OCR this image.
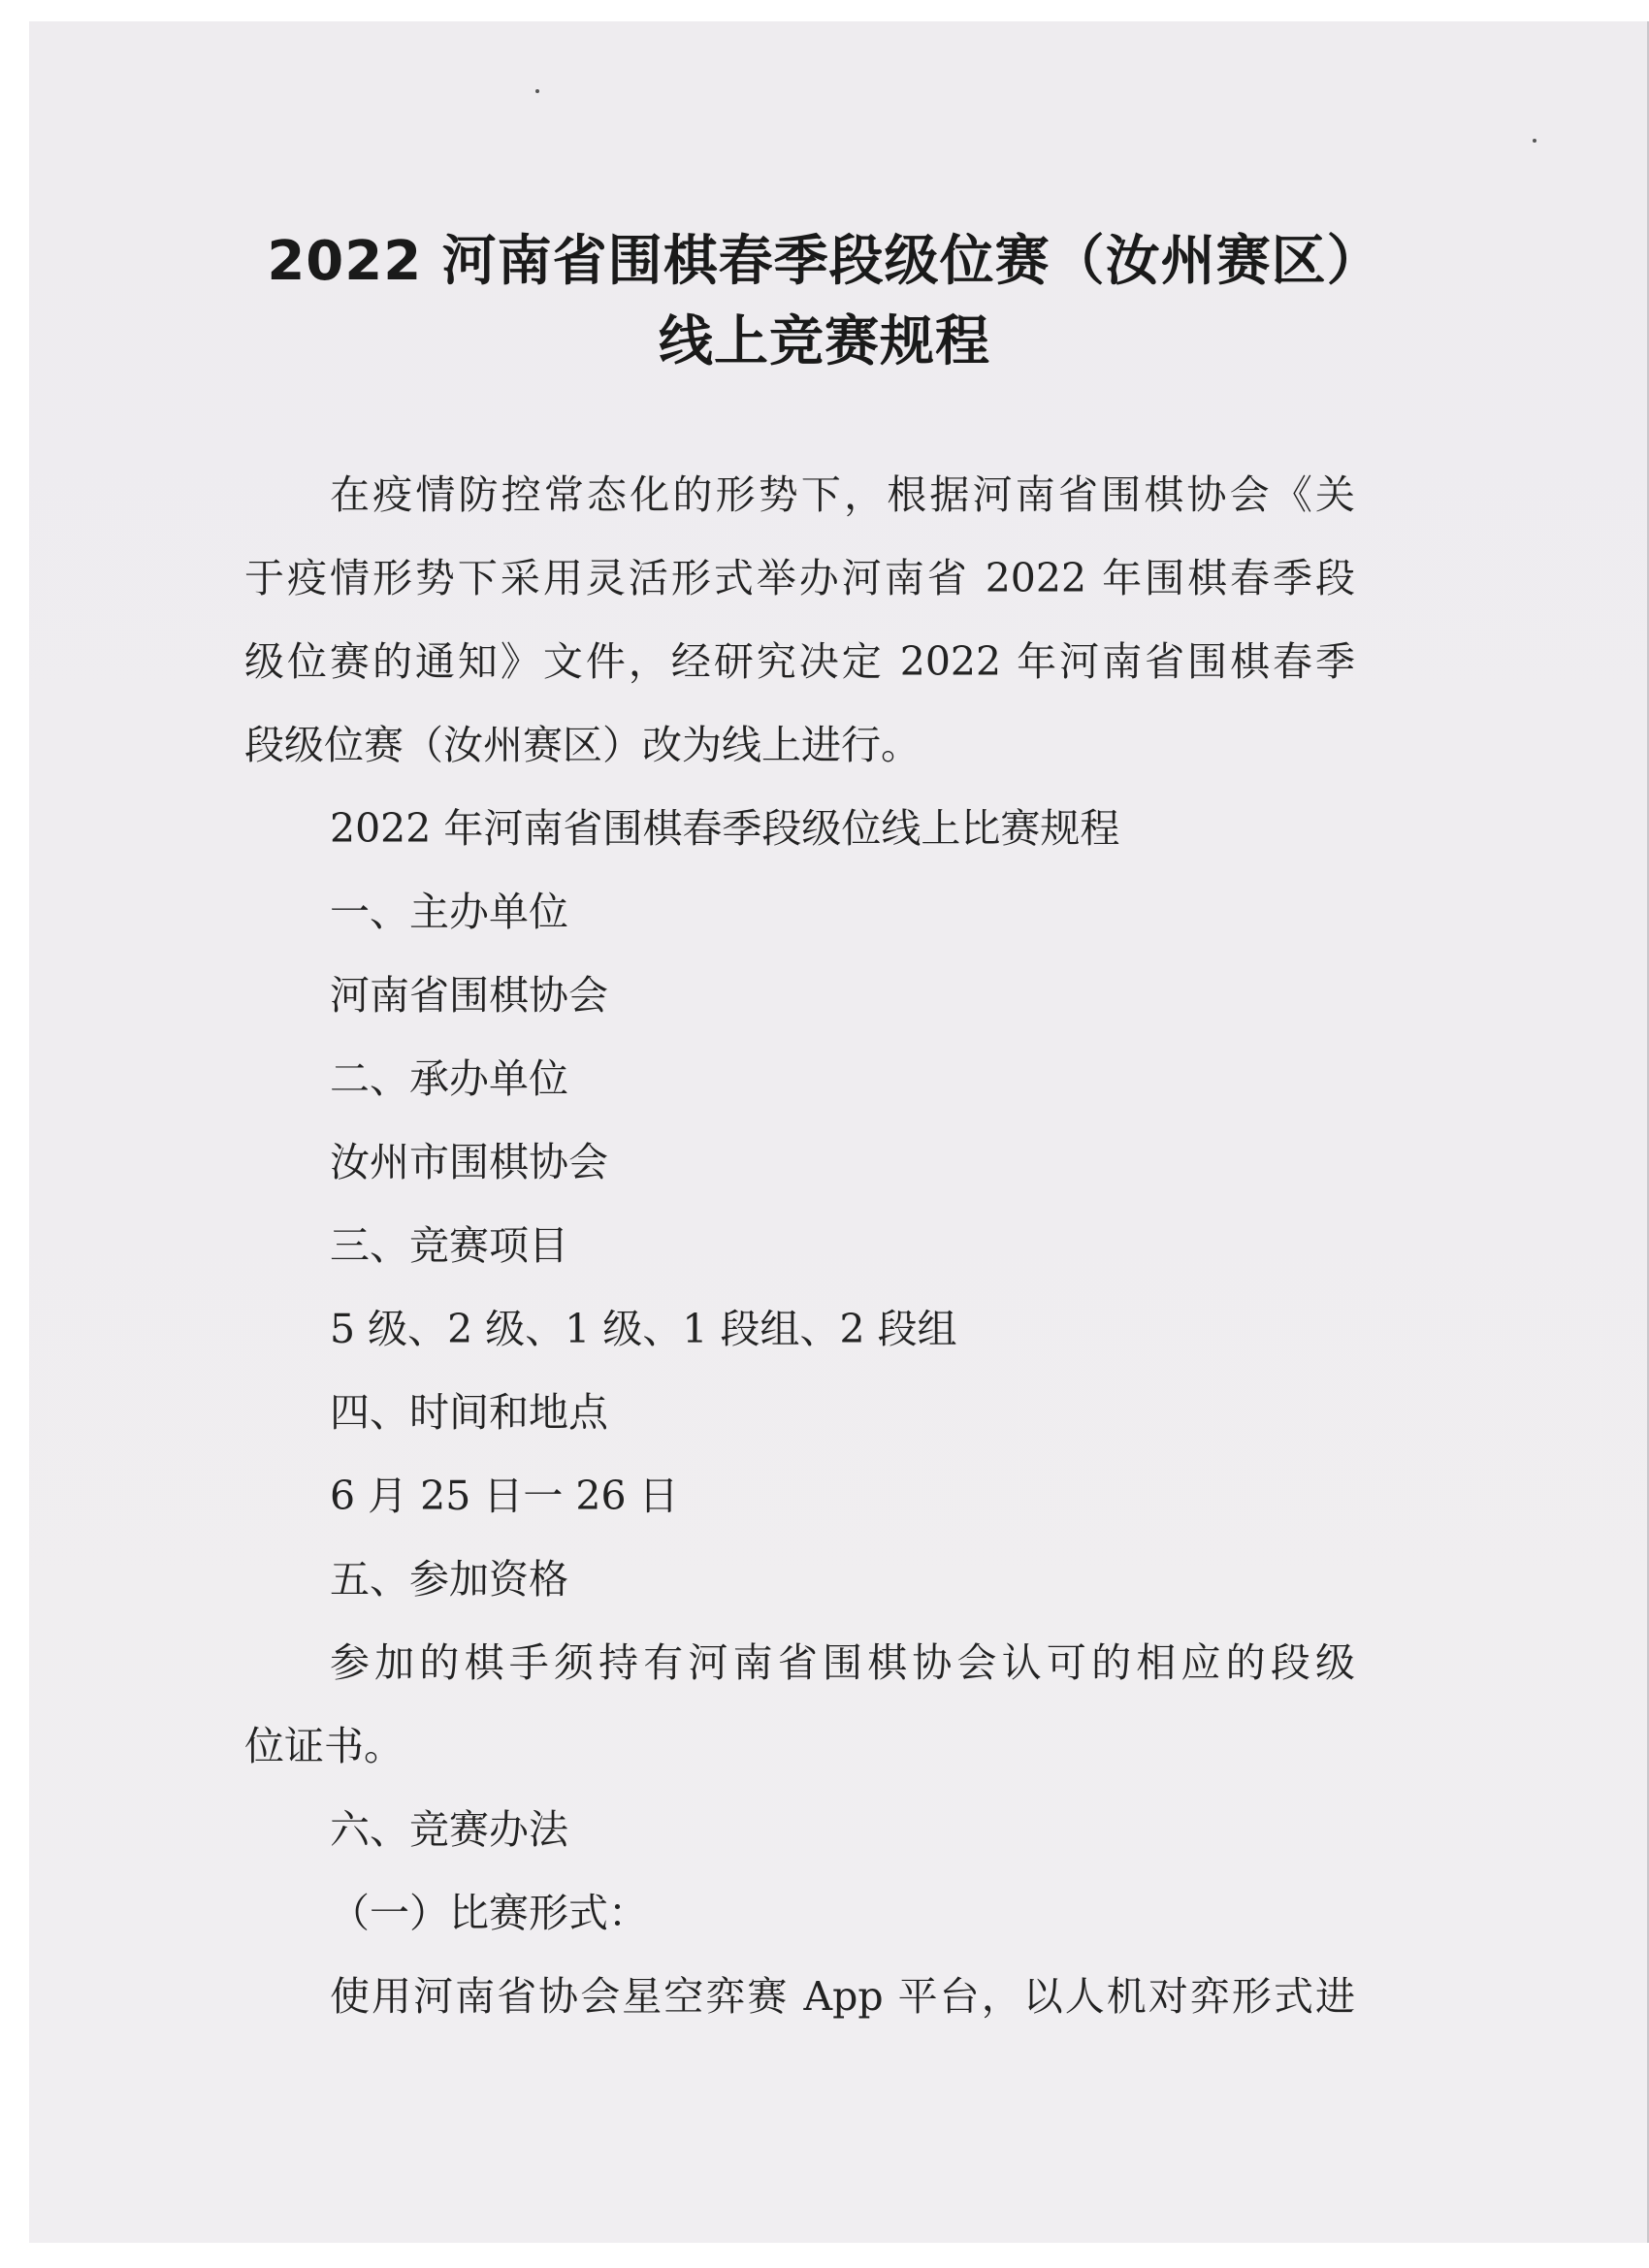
2022 河南省围棋春季段级位赛（汝州赛区）
线上竞赛规程
在疫情防控常态化的形势下，根据河南省围棋协会《关
于疫情形势下采用灵活形式举办河南省 2022 年围棋春季段
级位赛的通知》文件，经研究决定 2022 年河南省围棋春季
段级位赛（汝州赛区）改为线上进行。
2022 年河南省围棋春季段级位线上比赛规程
一、主办单位
河南省围棋协会
二、承办单位
汝州市围棋协会
三、竞赛项目
5 级、2 级、1 级、1 段组、2 段组
四、时间和地点
6 月 25 日一 26 日
五、参加资格
参加的棋手须持有河南省围棋协会认可的相应的段级
位证书。
六、竞赛办法
（一）比赛形式：
使用河南省协会星空弈赛 App 平台，以人机对弈形式进
